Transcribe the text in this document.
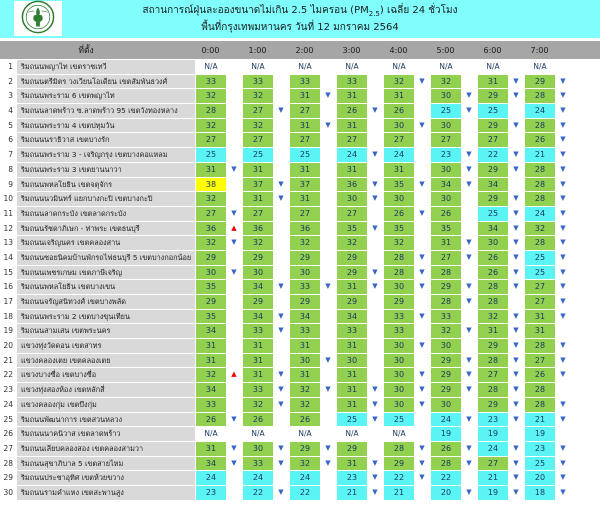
สถานการณ์ฝุ่นละอองขนาดไม่เกิน 2.5 ไมครอน $(PM_{2.5})$ เฉลี่ย 24 ชั่วโมง
พื้นที่กรุงเทพมหานคร วันที่ 12 มกราคม 2564
ที่ตั้ง	0:00	1:00	2:00	3:00	4:00	5:00	6:00	7:00
1	ริมถนนพญาไท เขตราชเทวี	N/A	N/A	N/A	N/A	N/A	N/A	N/A	N/A
2	ริมถนนตรีมิตร วงเวียนโอเดียน เขตสัมพันธวงศ์	33	33	33	33	32	▼	32	31	▼	29	▼
3	ริมถนนพระราม 6 เขตพญาไท	32	32	31	▼	31	31	30	▼	29	▼	28	▼
4	ริมถนนลาดพร้าว ซ.ลาดพร้าว 95 เขตวังทองหลาง	28	27	▼	27	26	▼	26	25	▼	25	24	▼
5	ริมถนนพระราม 4 เขตปทุมวัน	32	32	31	▼	31	30	▼	30	29	▼	28	▼
6	ริมถนนนราธิวาส เขตบางรัก	27	27	27	27	27	27	27	26	▼
7	ริมถนนพระราม 3 - เจริญกรุง เขตบางคอแหลม	25	25	25	24	▼	24	23	▼	22	▼	21	▼
8	ริมถนนพระราม 3 เขตยานนาวา	31	▼	31	31	31	31	30	▼	29	▼	28	▼
9	ริมถนนพหลโยธิน เขตจตุจักร	38	37	▼	37	36	▼	35	▼	34	▼	34	28	▼
10	ริมถนนนวมินทร์ แยกบางกะปิ เขตบางกะปิ	32	31	▼	31	30	▼	30	30	29	▼	28	▼
11	ริมถนนลาดกระบัง เขตลาดกระบัง	27	▼	27	27	27	26	▼	26	25	▼	24	▼
12	ริมถนนรัชดาภิเษก - ท่าพระ เขตธนบุรี	36	▲	36	36	35	▼	35	35	34	▼	32	▼
13	ริมถนนเจริญนคร เขตคลองสาน	32	▼	32	32	32	32	31	▼	30	▼	28	▼
14	ริมถนนซอยนิคมบ้านพักรถไฟธนบุรี 5 เขตบางกอกน้อย	29	29	29	29	28	▼	27	▼	26	▼	25	▼
15	ริมถนนเพชรเกษม เขตภาษีเจริญ	30	▼	30	30	29	▼	28	▼	28	26	▼	25	▼
16	ริมถนนพหลโยธิน เขตบางเขน	35	34	▼	33	▼	31	▼	30	▼	29	▼	28	▼	27	▼
17	ริมถนนจรัญสนิทวงศ์ เขตบางพลัด	29	29	29	29	29	28	▼	28	27	▼
18	ริมถนนพระราม 2 เขตบางขุนเทียน	35	34	▼	34	34	33	▼	33	32	▼	31	▼
19	ริมถนนสามเสน เขตพระนคร	34	33	▼	33	33	33	32	▼	31	▼	31
20	แขวงทุ่งวัดดอน เขตสาทร	31	31	31	31	30	▼	30	29	▼	28	▼
21	แขวงคลองเตย เขตคลองเตย	31	31	30	▼	30	30	29	▼	28	▼	27	▼
22	แขวงบางซื่อ เขตบางซื่อ	32	▲	31	▼	31	31	30	▼	29	▼	27	▼	26	▼
23	แขวงทุ่งสองห้อง เขตหลักสี่	34	33	▼	32	▼	31	▼	30	▼	29	▼	28	▼	28
24	แขวงคลองกุ่ม เขตบึงกุ่ม	33	32	▼	32	31	▼	30	▼	30	29	▼	28	▼
25	ริมถนนพัฒนาการ เขตสวนหลวง	26	▼	26	26	25	▼	25	24	▼	23	▼	21	▼
26	ริมถนนนาคนิวาส เขตลาดพร้าว	N/A	N/A	N/A	N/A	N/A	19	19	19
27	ริมถนนเลียบคลองสอง เขตคลองสามวา	31	▼	30	▼	29	▼	29	28	▼	26	▼	24	▼	23	▼
28	ริมถนนสุขาภิบาล 5 เขตสายไหม	34	▼	33	▼	32	▼	31	▼	29	▼	28	▼	27	▼	25	▼
29	ริมถนนประชาอุทิศ เขตห้วยขวาง	24	24	24	23	▼	22	▼	22	21	▼	20	▼
30	ริมถนนรามคำแหง เขตสะพานสูง	23	22	▼	22	21	▼	21	20	▼	19	▼	18	▼
